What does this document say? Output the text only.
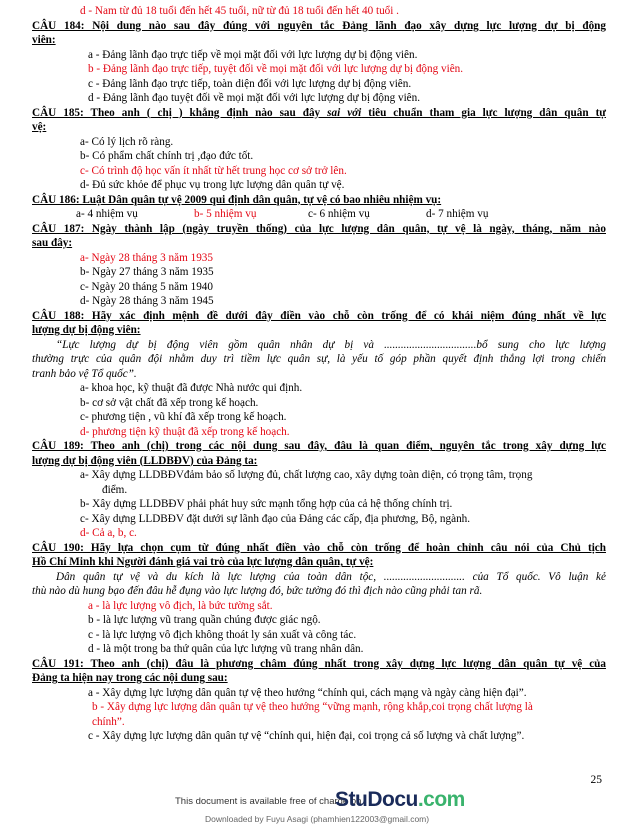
d - Nam từ đủ 18 tuổi đến hết 45 tuổi, nữ từ đủ 18 tuổi đến hết 40 tuổi .
CÂU 184: Nội dung nào sau đây đúng với nguyên tắc Đảng lãnh đạo xây dựng lực lượng dự bị động
viên:
a - Đảng lãnh đạo trực tiếp về mọi mặt đối với lực lượng dự bị động viên.
b - Đảng lãnh đạo trực tiếp, tuyệt đối về mọi mặt đối với lực lượng dự bị động viên.
c - Đảng lãnh đạo trực tiếp, toàn diện đối với lực lượng dự bị động viên.
d - Đảng lãnh đạo tuyệt đối về mọi mặt đối với lực lượng dự bị động viên.
CÂU 185: Theo anh ( chị ) khẳng định nào sau đây sai với tiêu chuẩn tham gia lực lượng dân quân tự
vệ:
a- Có lý lịch rõ ràng.
b- Có phẩm chất chính trị ,đạo đức tốt.
c- Có trình độ học vấn ít nhất từ hết trung học cơ sở trở lên.
d- Đủ sức khỏe để phục vụ trong lực lượng dân quân tự vệ.
CÂU 186: Luật Dân quân tự vệ 2009 qui định dân quân, tự vệ có bao nhiêu nhiệm vụ:
a- 4 nhiệm vụ	b- 5 nhiệm vụ	c- 6 nhiệm vụ	d- 7 nhiệm vụ
CÂU 187: Ngày thành lập (ngày truyền thống) của lực lượng dân quân, tự vệ là ngày, tháng, năm nào
sau đây:
a- Ngày 28 tháng 3 năm 1935
b- Ngày 27 tháng 3 năm 1935
c- Ngày 20 tháng 5 năm 1940
d- Ngày 28 tháng 3 năm 1945
CÂU 188: Hãy xác định mệnh đề dưới đây điền vào chỗ còn trống để có khái niệm đúng nhất về lực
lượng dự bị động viên:
“Lực lượng dự bị động viên gồm quân nhân dự bị và .................................bổ sung cho lực lượng
thường trực của quân đội nhằm duy trì tiềm lực quân sự, là yếu tố góp phần quyết định thắng lợi trong chiến
tranh bảo vệ Tổ quốc”.
a- khoa học, kỹ thuật đã được Nhà nước qui định.
b- cơ sở vật chất đã xếp trong kế hoạch.
c- phương tiện , vũ khí đã xếp trong kế hoạch.
d- phương tiện kỹ thuật đã xếp trong kế hoạch.
CÂU 189: Theo anh (chị) trong các nội dung sau đây, đâu là quan điểm, nguyên tắc trong xây dựng lực
lượng dự bị động viên (LLDBĐV) của Đảng ta:
a- Xây dựng LLDBĐVđảm bảo số lượng đủ, chất lượng cao, xây dựng toàn diện, có trọng tâm, trọng
điểm.
b- Xây dựng LLDBĐV phải phát huy sức mạnh tổng hợp của cả hệ thống chính trị.
c- Xây dựng LLDBĐV đặt dưới sự lãnh đạo của Đảng các cấp, địa phương, Bộ, ngành.
d- Cả a, b, c.
CÂU 190: Hãy lựa chọn cụm từ đúng nhất điền vào chỗ còn trống để hoàn chỉnh câu nói của Chủ tịch
Hồ Chí Minh khi Người đánh giá vai trò của lực lượng dân quân, tự vệ:
Dân quân tự vệ và du kích là lực lượng của toàn dân tộc, ............................. của Tổ quốc. Vô luận kẻ
thù nào dù hung bạo đến đâu hễ đụng vào lực lượng đó, bức tường đó thì địch nào cũng phải tan rã.
a - là lực lượng vô địch, là bức tường sắt.
b - là lực lượng vũ trang quần chúng được giác ngộ.
c - là lực lượng vô địch không thoát ly sản xuất và công tác.
d - là một trong ba thứ quân của lực lượng vũ trang nhân dân.
CÂU 191: Theo anh (chị) đâu là phương châm đúng nhất trong xây dựng lực lượng dân quân tự vệ của
Đảng ta hiện nay trong các nội dung sau:
a - Xây dựng lực lượng dân quân tự vệ theo hướng “chính qui, cách mạng và ngày càng hiện đại”.
b - Xây dựng lực lượng dân quân tự vệ theo hướng “vững mạnh, rộng khắp,coi trọng chất lượng là
chính”.
c - Xây dựng lực lượng dân quân tự vệ “chính qui, hiện đại, coi trọng cả số lượng và chất lượng”.
25
This document is available free of charge on
StuDocu.com
Downloaded by Fuyu Asagi (phamhien122003@gmail.com)
